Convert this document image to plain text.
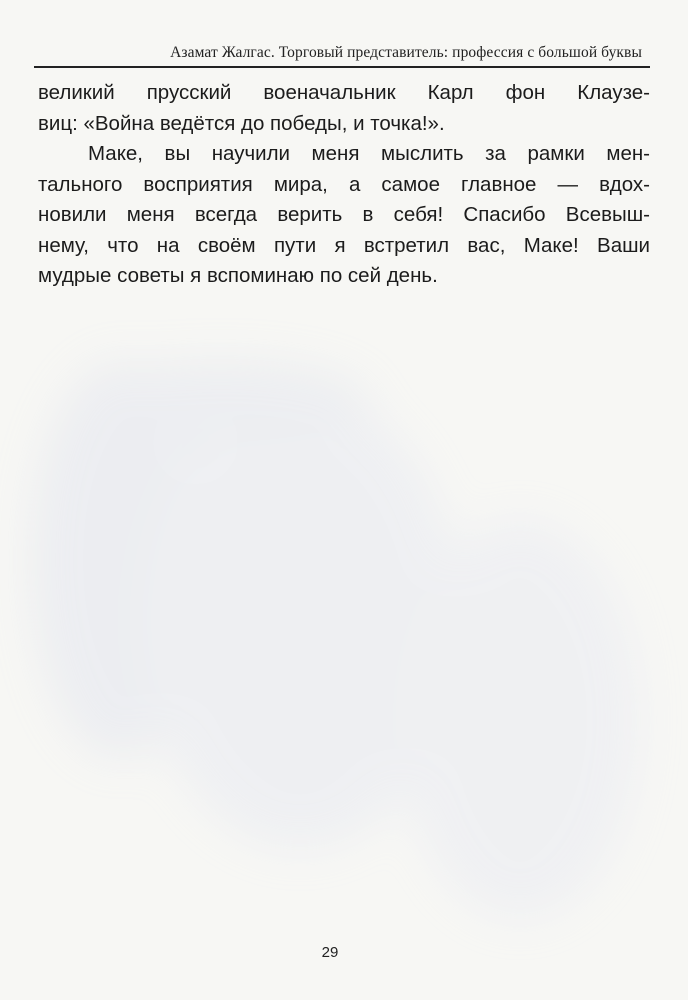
Азамат Жалгас. Торговый представитель: профессия с большой буквы
великий прусский военачальник Карл фон Клаузе-
виц: «Война ведётся до победы, и точка!».
Маке, вы научили меня мыслить за рамки мен-
тального восприятия мира, а самое главное — вдох-
новили меня всегда верить в себя! Спасибо Всевыш-
нему, что на своём пути я встретил вас, Маке! Ваши
мудрые советы я вспоминаю по сей день.
29
